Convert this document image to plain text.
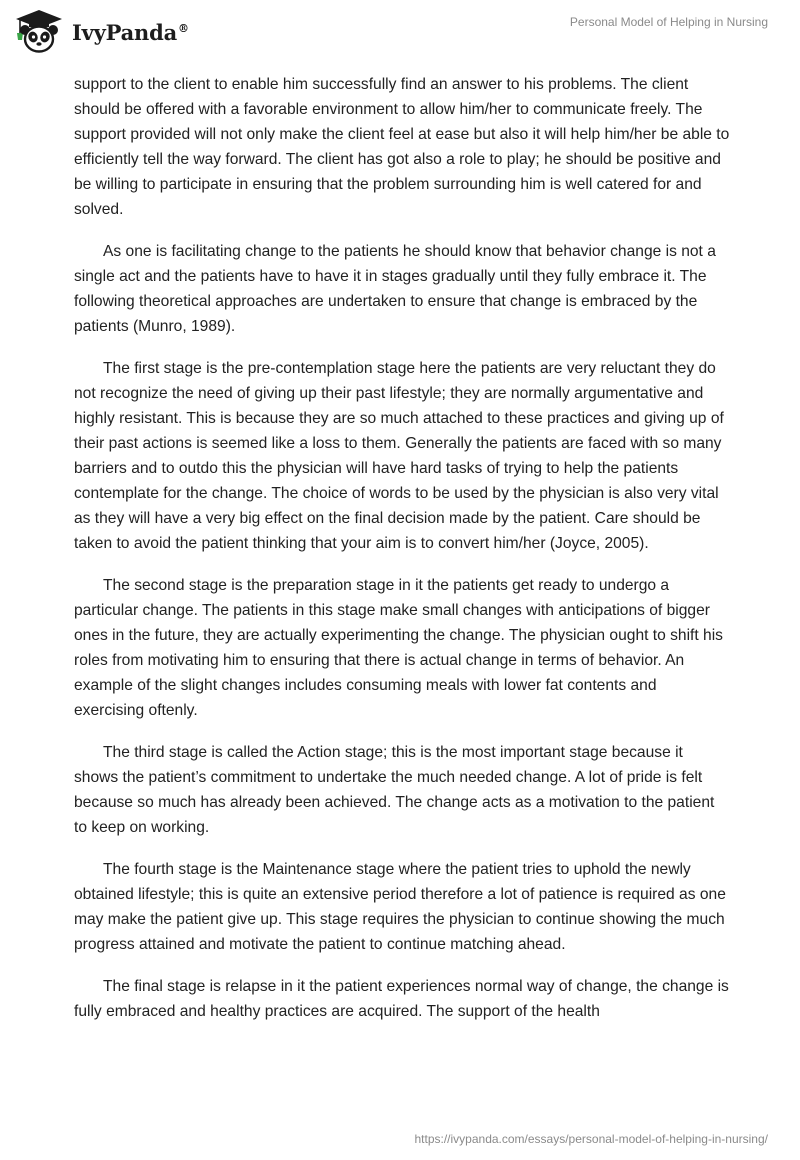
IvyPanda®	Personal Model of Helping in Nursing

support to the client to enable him successfully find an answer to his problems. The client should be offered with a favorable environment to allow him/her to communicate freely. The support provided will not only make the client feel at ease but also it will help him/her be able to efficiently tell the way forward. The client has got also a role to play; he should be positive and be willing to participate in ensuring that the problem surrounding him is well catered for and solved.

As one is facilitating change to the patients he should know that behavior change is not a single act and the patients have to have it in stages gradually until they fully embrace it. The following theoretical approaches are undertaken to ensure that change is embraced by the patients (Munro, 1989).

The first stage is the pre-contemplation stage here the patients are very reluctant they do not recognize the need of giving up their past lifestyle; they are normally argumentative and highly resistant. This is because they are so much attached to these practices and giving up of their past actions is seemed like a loss to them. Generally the patients are faced with so many barriers and to outdo this the physician will have hard tasks of trying to help the patients contemplate for the change. The choice of words to be used by the physician is also very vital as they will have a very big effect on the final decision made by the patient. Care should be taken to avoid the patient thinking that your aim is to convert him/her (Joyce, 2005).

The second stage is the preparation stage in it the patients get ready to undergo a particular change. The patients in this stage make small changes with anticipations of bigger ones in the future, they are actually experimenting the change. The physician ought to shift his roles from motivating him to ensuring that there is actual change in terms of behavior. An example of the slight changes includes consuming meals with lower fat contents and exercising oftenly.

The third stage is called the Action stage; this is the most important stage because it shows the patient’s commitment to undertake the much needed change. A lot of pride is felt because so much has already been achieved. The change acts as a motivation to the patient to keep on working.

The fourth stage is the Maintenance stage where the patient tries to uphold the newly obtained lifestyle; this is quite an extensive period therefore a lot of patience is required as one may make the patient give up. This stage requires the physician to continue showing the much progress attained and motivate the patient to continue matching ahead.

The final stage is relapse in it the patient experiences normal way of change, the change is fully embraced and healthy practices are acquired. The support of the health

https://ivypanda.com/essays/personal-model-of-helping-in-nursing/
